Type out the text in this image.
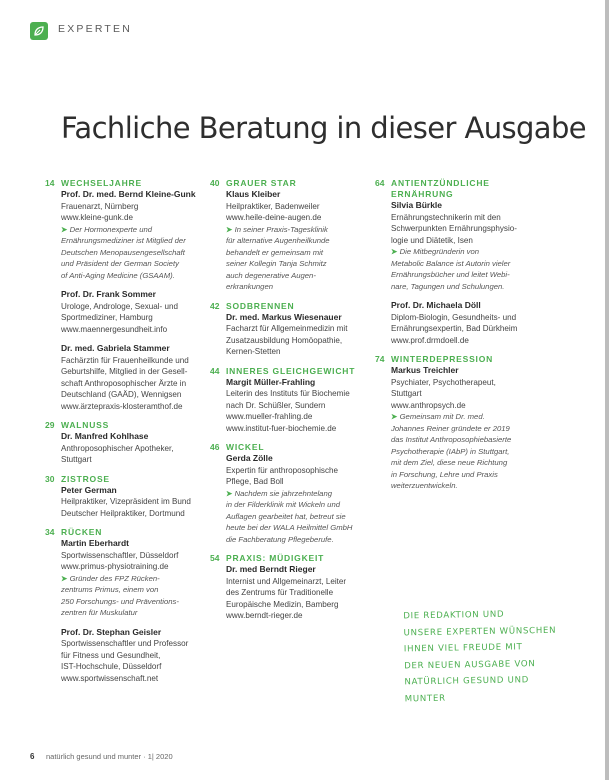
EXPERTEN
Fachliche Beratung in dieser Ausgabe
14 WECHSELJAHRE
Prof. Dr. med. Bernd Kleine-Gunk
Frauenarzt, Nürnberg
www.kleine-gunk.de
➤ Der Hormonexperte und
Ernährungsmediziner ist Mitglied der
Deutschen Menopausengesellschaft
und Präsident der German Society
of Anti-Aging Medicine (GSAAM).
Prof. Dr. Frank Sommer
Urologe, Androloge, Sexual- und
Sportmediziner, Hamburg
www.maennergesundheit.info
Dr. med. Gabriela Stammer
Fachärztin für Frauenheilkunde und
Geburtshilfe, Mitglied in der Gesell-
schaft Anthroposophischer Ärzte in
Deutschland (GAÄD), Wennigsen
www.ärztepraxis-klosteramthof.de
29 WALNUSS
Dr. Manfred Kohlhase
Anthroposophischer Apotheker,
Stuttgart
30 ZISTROSE
Peter German
Heilpraktiker, Vizepräsident im Bund
Deutscher Heilpraktiker, Dortmund
34 RÜCKEN
Martin Eberhardt
Sportwissenschaftler, Düsseldorf
www.primus-physiotraining.de
➤ Gründer des FPZ Rücken-
zentrums Primus, einem von
250 Forschungs- und Präventions-
zentren für Muskulatur
Prof. Dr. Stephan Geisler
Sportwissenschaftler und Professor
für Fitness und Gesundheit,
IST-Hochschule, Düsseldorf
www.sportwissenschaft.net
40 GRAUER STAR
Klaus Kleiber
Heilpraktiker, Badenweiler
www.heile-deine-augen.de
➤ In seiner Praxis-Tagesklinik
für alternative Augenheilkunde
behandelt er gemeinsam mit
seiner Kollegin Tanja Schmitz
auch degenerative Augen-
erkrankungen
42 SODBRENNEN
Dr. med. Markus Wiesenauer
Facharzt für Allgemeinmedizin mit
Zusatzausbildung Homöopathie,
Kernen-Stetten
44 INNERES GLEICHGEWICHT
Margit Müller-Frahling
Leiterin des Instituts für Biochemie
nach Dr. Schüßler, Sundern
www.mueller-frahling.de
www.institut-fuer-biochemie.de
46 WICKEL
Gerda Zölle
Expertin für anthroposophische
Pflege, Bad Boll
➤ Nachdem sie jahrzehntelang
in der Filderklinik mit Wickeln und
Auflagen gearbeitet hat, betreut sie
heute bei der WALA Heilmittel GmbH
die Fachberatung Pflegeberufe.
54 PRAXIS: MÜDIGKEIT
Dr. med Berndt Rieger
Internist und Allgemeinarzt, Leiter
des Zentrums für Traditionelle
Europäische Medizin, Bamberg
www.berndt-rieger.de
64 ANTIENTZÜNDLICHE
ERNÄHRUNG
Silvia Bürkle
Ernährungstechnikerin mit den
Schwerpunkten Ernährungsphysio-
logie und Diätetik, Isen
➤ Die Mitbegründerin von
Metabolic Balance ist Autorin vieler
Ernährungsbücher und leitet Webi-
nare, Tagungen und Schulungen.
Prof. Dr. Michaela Döll
Diplom-Biologin, Gesundheits- und
Ernährungsexpertin, Bad Dürkheim
www.prof.drmdoell.de
74 WINTERDEPRESSION
Markus Treichler
Psychiater, Psychotherapeut,
Stuttgart
www.anthropsych.de
➤ Gemeinsam mit Dr. med.
Johannes Reiner gründete er 2019
das Institut Anthroposophiebasierte
Psychotherapie (IAbP) in Stuttgart,
mit dem Ziel, diese neue Richtung
in Forschung, Lehre und Praxis
weiterzuentwickeln.
DIE REDAKTION UND
UNSERE EXPERTEN WÜNSCHEN
IHNEN VIEL FREUDE MIT
DER NEUEN AUSGABE VON
NATÜRLICH GESUND UND MUNTER
6 natürlich gesund und munter · 1| 2020
